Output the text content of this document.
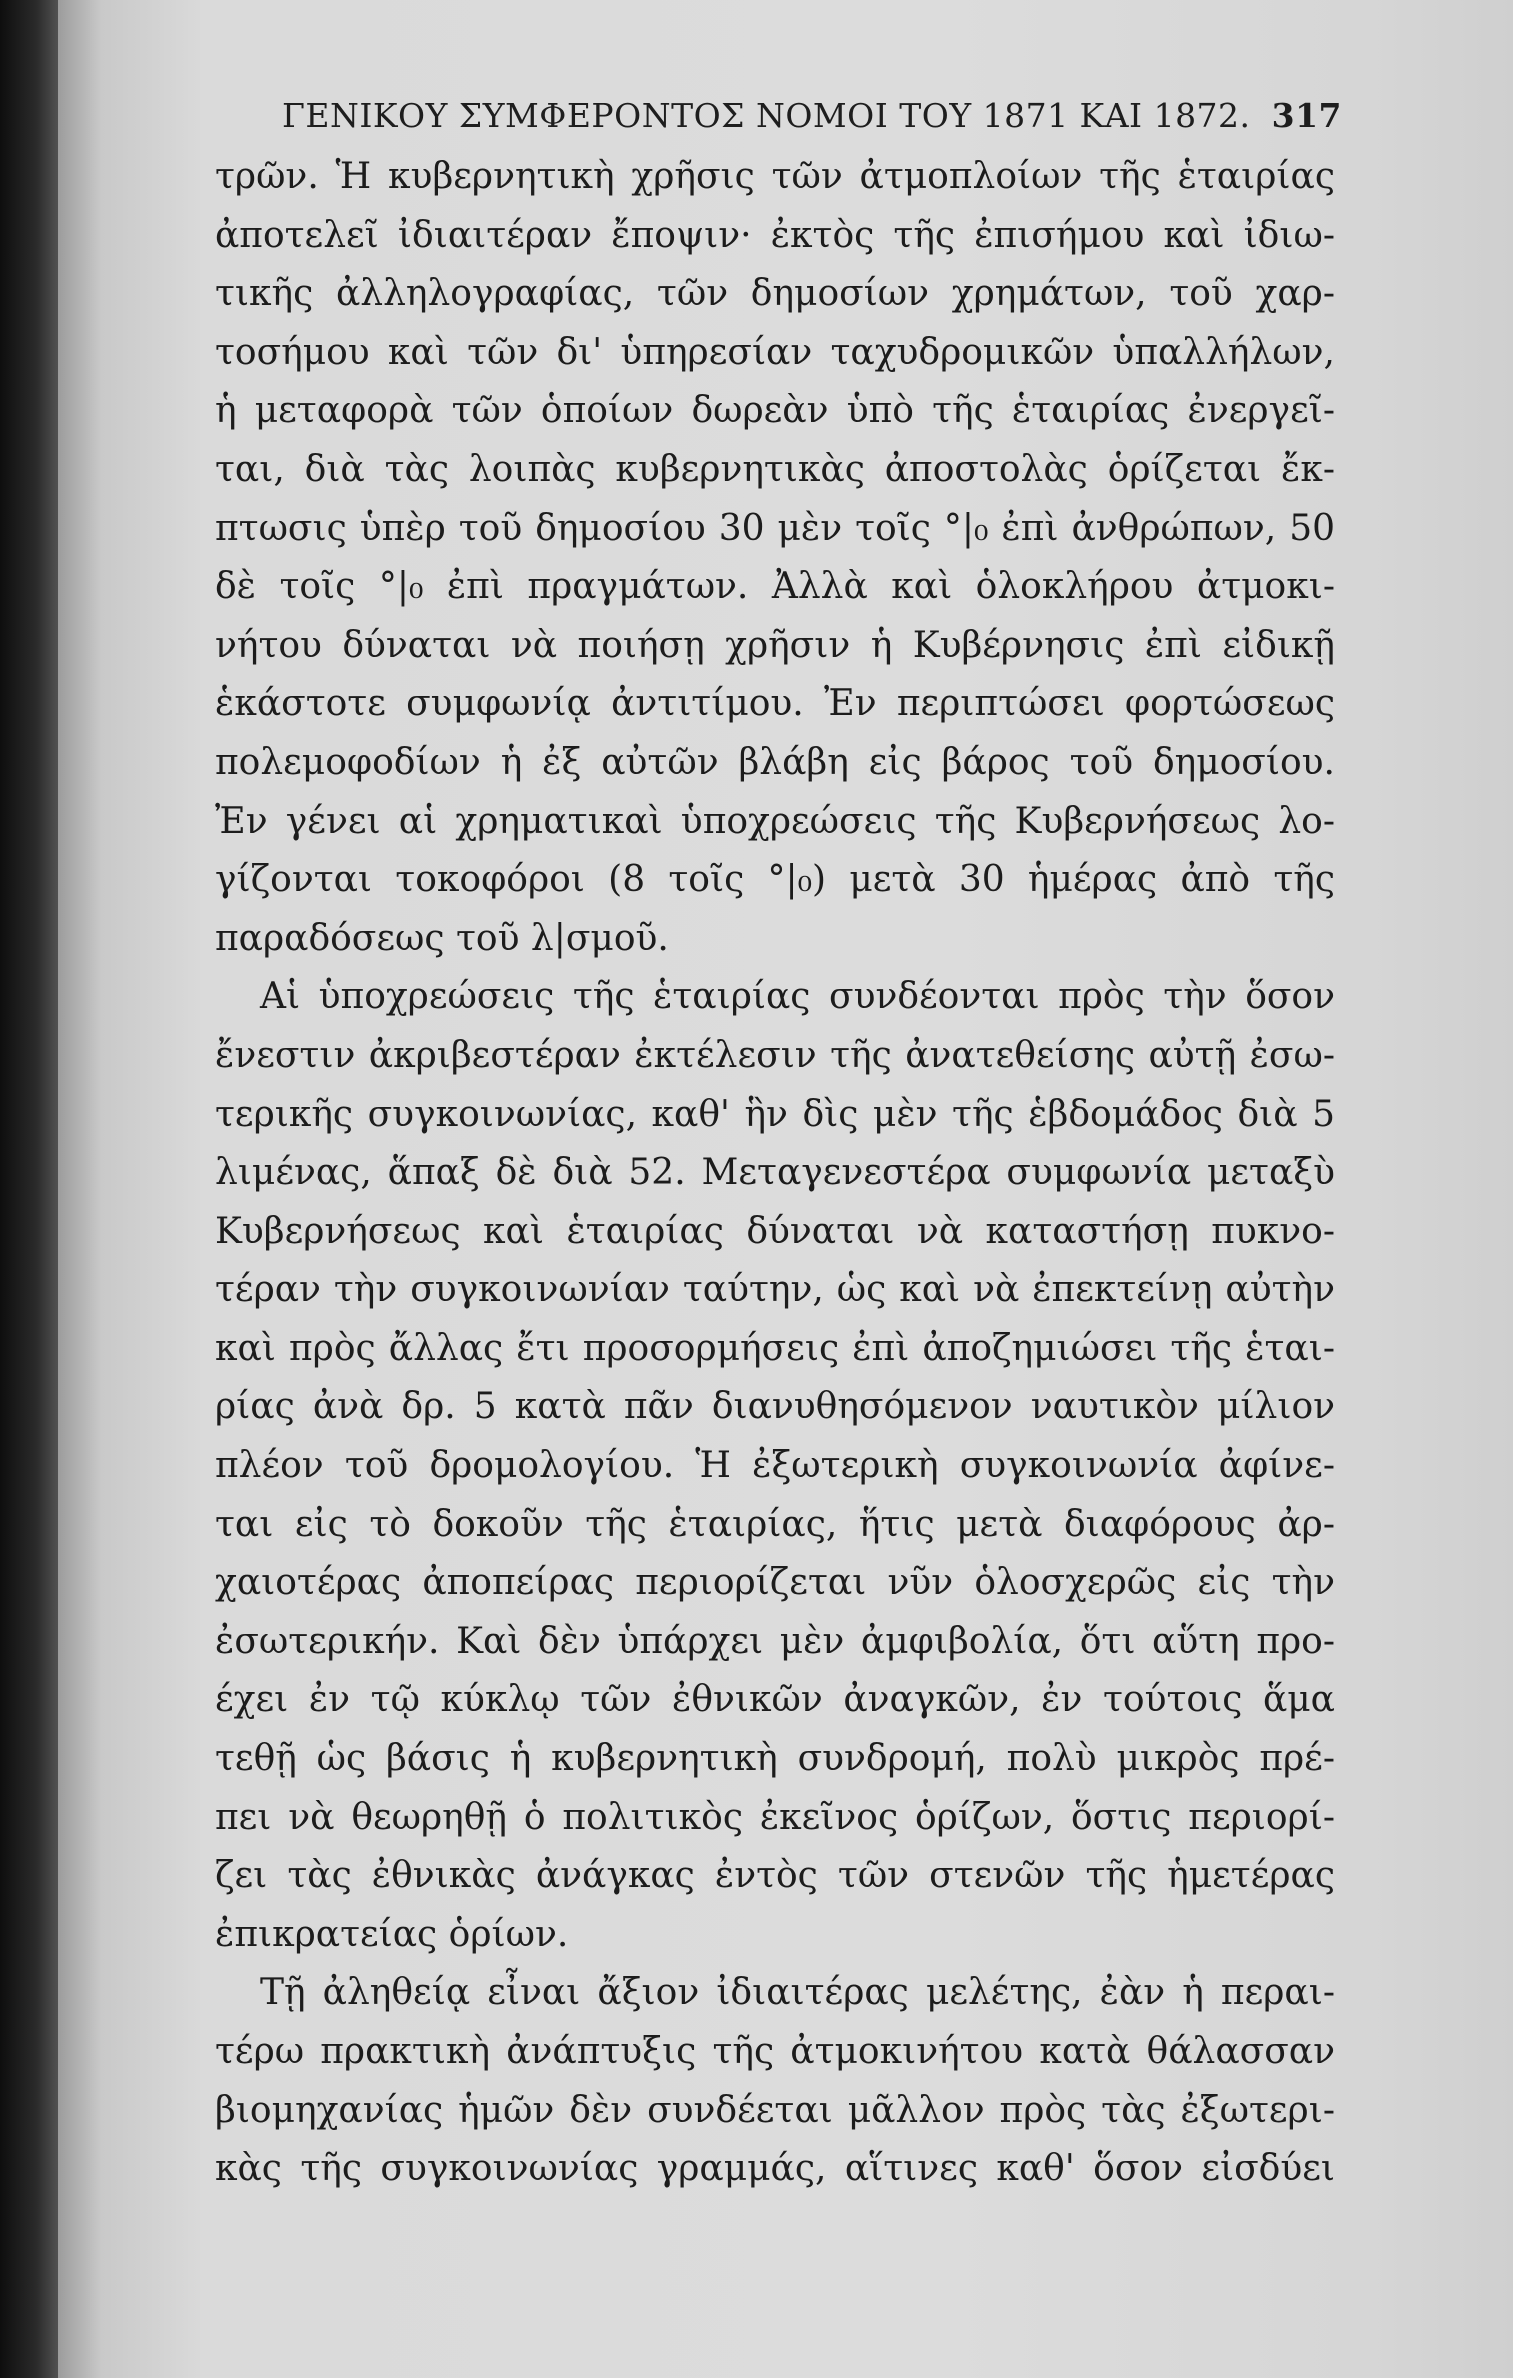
ΓΕΝΙΚΟΥ ΣΥΜΦΕΡΟΝΤΟΣ ΝΟΜΟΙ ΤΟΥ 1871 ΚΑΙ 1872. 317
τρῶν. Ἡ κυβερνητικὴ χρῆσις τῶν ἀτμοπλοίων τῆς ἑταιρίας
ἀποτελεῖ ἰδιαιτέραν ἔποψιν· ἐκτὸς τῆς ἐπισήμου καὶ ἰδιω-
τικῆς ἀλληλογραφίας, τῶν δημοσίων χρημάτων, τοῦ χαρ-
τοσήμου καὶ τῶν δι' ὑπηρεσίαν ταχυδρομικῶν ὑπαλλήλων,
ἡ μεταφορὰ τῶν ὁποίων δωρεὰν ὑπὸ τῆς ἑταιρίας ἐνεργεῖ-
ται, διὰ τὰς λοιπὰς κυβερνητικὰς ἀποστολὰς ὁρίζεται ἔκ-
πτωσις ὑπὲρ τοῦ δημοσίου 30 μὲν τοῖς °|₀ ἐπὶ ἀνθρώπων, 50
δὲ τοῖς °|₀ ἐπὶ πραγμάτων. Ἀλλὰ καὶ ὁλοκλήρου ἀτμοκι-
νήτου δύναται νὰ ποιήσῃ χρῆσιν ἡ Κυβέρνησις ἐπὶ εἰδικῇ
ἑκάστοτε συμφωνίᾳ ἀντιτίμου. Ἐν περιπτώσει φορτώσεως
πολεμοφοδίων ἡ ἐξ αὐτῶν βλάβη εἰς βάρος τοῦ δημοσίου.
Ἐν γένει αἱ χρηματικαὶ ὑποχρεώσεις τῆς Κυβερνήσεως λο-
γίζονται τοκοφόροι (8 τοῖς °|₀) μετὰ 30 ἡμέρας ἀπὸ τῆς
παραδόσεως τοῦ λ|σμοῦ.
Αἱ ὑποχρεώσεις τῆς ἑταιρίας συνδέονται πρὸς τὴν ὅσον
ἔνεστιν ἀκριβεστέραν ἐκτέλεσιν τῆς ἀνατεθείσης αὐτῇ ἐσω-
τερικῆς συγκοινωνίας, καθ' ἣν δὶς μὲν τῆς ἑβδομάδος διὰ 5
λιμένας, ἅπαξ δὲ διὰ 52. Μεταγενεστέρα συμφωνία μεταξὺ
Κυβερνήσεως καὶ ἑταιρίας δύναται νὰ καταστήσῃ πυκνο-
τέραν τὴν συγκοινωνίαν ταύτην, ὡς καὶ νὰ ἐπεκτείνῃ αὐτὴν
καὶ πρὸς ἄλλας ἔτι προσορμήσεις ἐπὶ ἀποζημιώσει τῆς ἑται-
ρίας ἀνὰ δρ. 5 κατὰ πᾶν διανυθησόμενον ναυτικὸν μίλιον
πλέον τοῦ δρομολογίου. Ἡ ἐξωτερικὴ συγκοινωνία ἀφίνε-
ται εἰς τὸ δοκοῦν τῆς ἑταιρίας, ἥτις μετὰ διαφόρους ἀρ-
χαιοτέρας ἀποπείρας περιορίζεται νῦν ὁλοσχερῶς εἰς τὴν
ἐσωτερικήν. Καὶ δὲν ὑπάρχει μὲν ἀμφιβολία, ὅτι αὕτη προ-
έχει ἐν τῷ κύκλῳ τῶν ἐθνικῶν ἀναγκῶν, ἐν τούτοις ἅμα
τεθῇ ὡς βάσις ἡ κυβερνητικὴ συνδρομή, πολὺ μικρὸς πρέ-
πει νὰ θεωρηθῇ ὁ πολιτικὸς ἐκεῖνος ὁρίζων, ὅστις περιορί-
ζει τὰς ἐθνικὰς ἀνάγκας ἐντὸς τῶν στενῶν τῆς ἡμετέρας
ἐπικρατείας ὁρίων.
Τῇ ἀληθείᾳ εἶναι ἄξιον ἰδιαιτέρας μελέτης, ἐὰν ἡ περαι-
τέρω πρακτικὴ ἀνάπτυξις τῆς ἀτμοκινήτου κατὰ θάλασσαν
βιομηχανίας ἡμῶν δὲν συνδέεται μᾶλλον πρὸς τὰς ἐξωτερι-
κὰς τῆς συγκοινωνίας γραμμάς, αἵτινες καθ' ὅσον εἰσδύει
